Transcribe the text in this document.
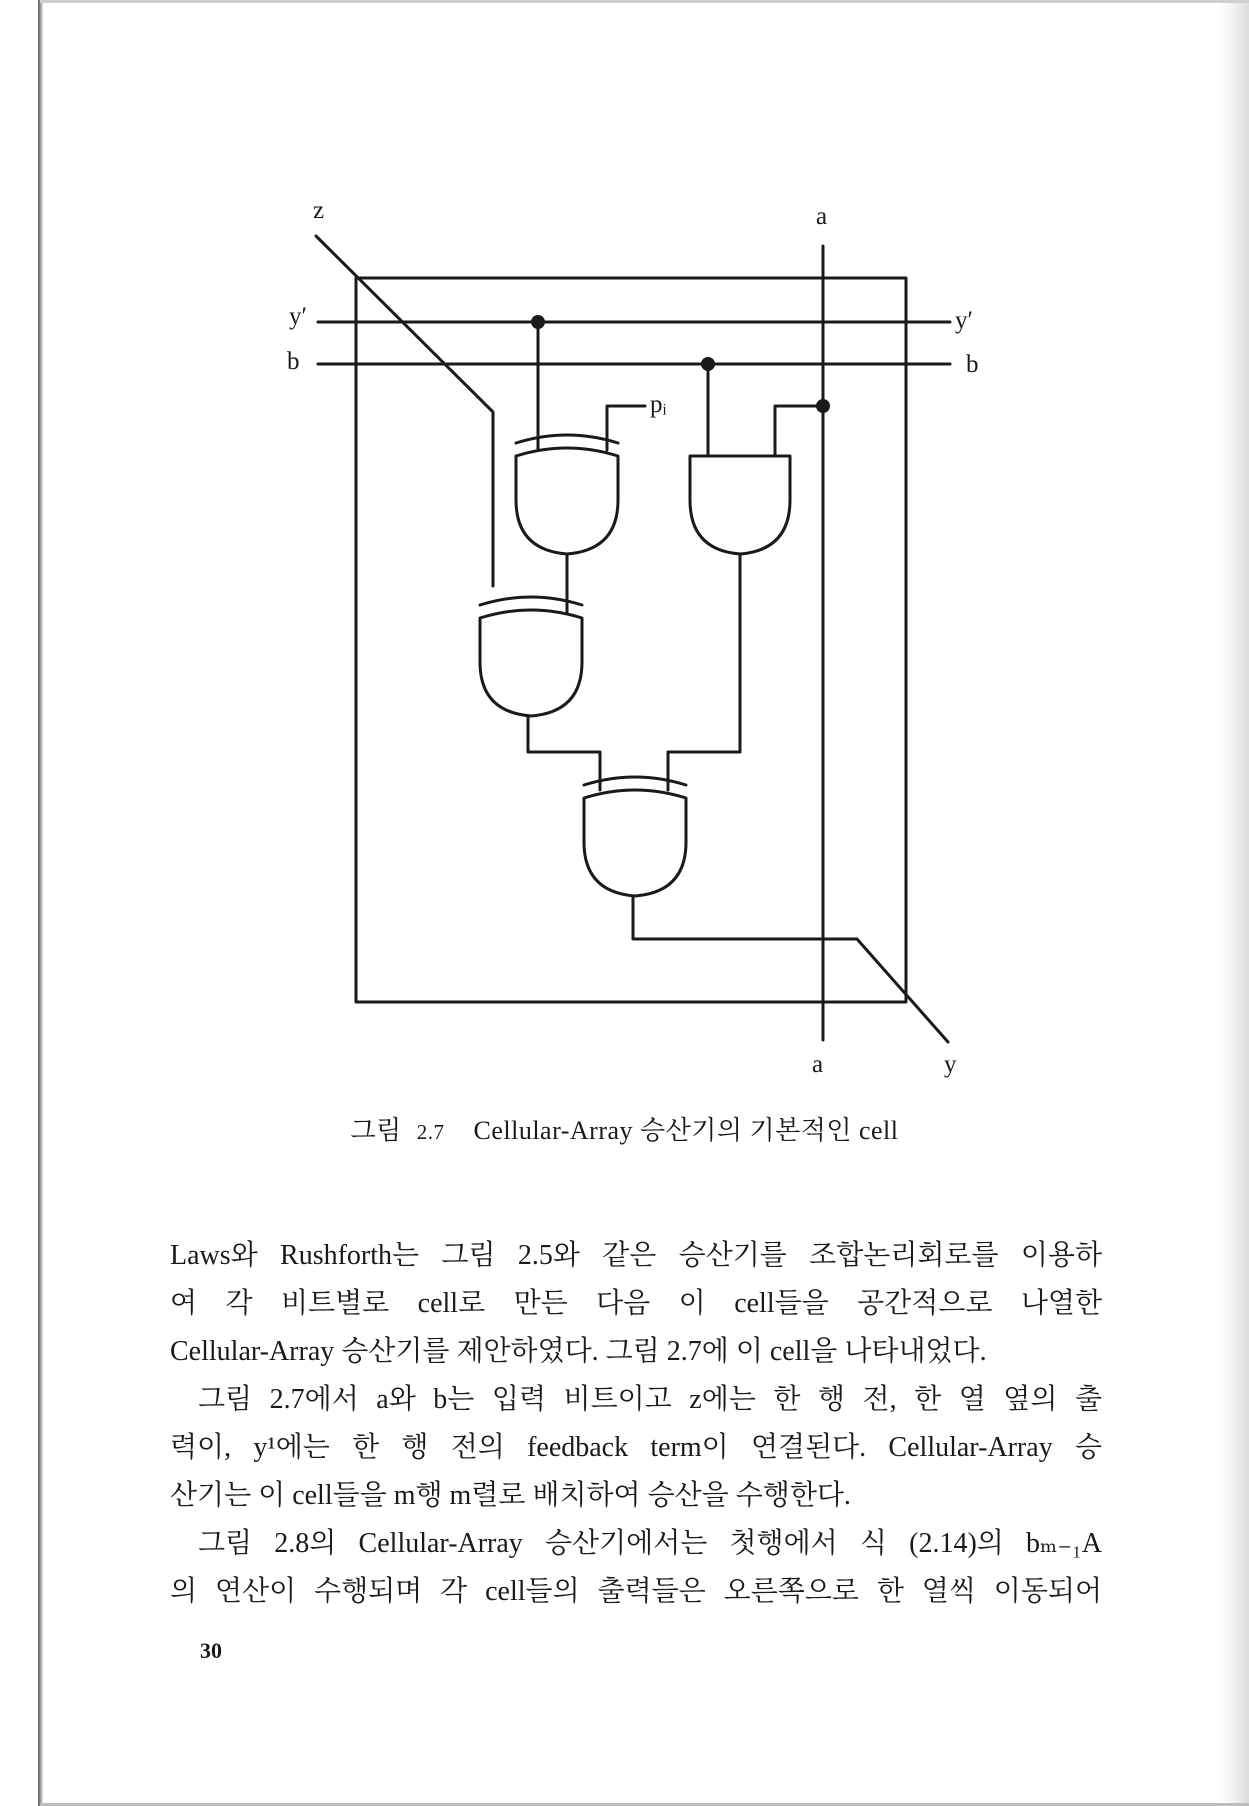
z	a
y′
b
y′
b
pᵢ
a	y
그림 2.7 Cellular-Array 승산기의 기본적인 cell
Laws와 Rushforth는 그림 2.5와 같은 승산기를 조합논리회로를 이용하
여 각 비트별로 cell로 만든 다음 이 cell들을 공간적으로 나열한
Cellular-Array 승산기를 제안하였다. 그림 2.7에 이 cell을 나타내었다.
그림 2.7에서 a와 b는 입력 비트이고 z에는 한 행 전, 한 열 옆의 출
력이, y¹에는 한 행 전의 feedback term이 연결된다. Cellular-Array 승
산기는 이 cell들을 m행 m렬로 배치하여 승산을 수행한다.
그림 2.8의 Cellular-Array 승산기에서는 첫행에서 식 (2.14)의 bₘ₋₁A
의 연산이 수행되며 각 cell들의 출력들은 오른쪽으로 한 열씩 이동되어
30
